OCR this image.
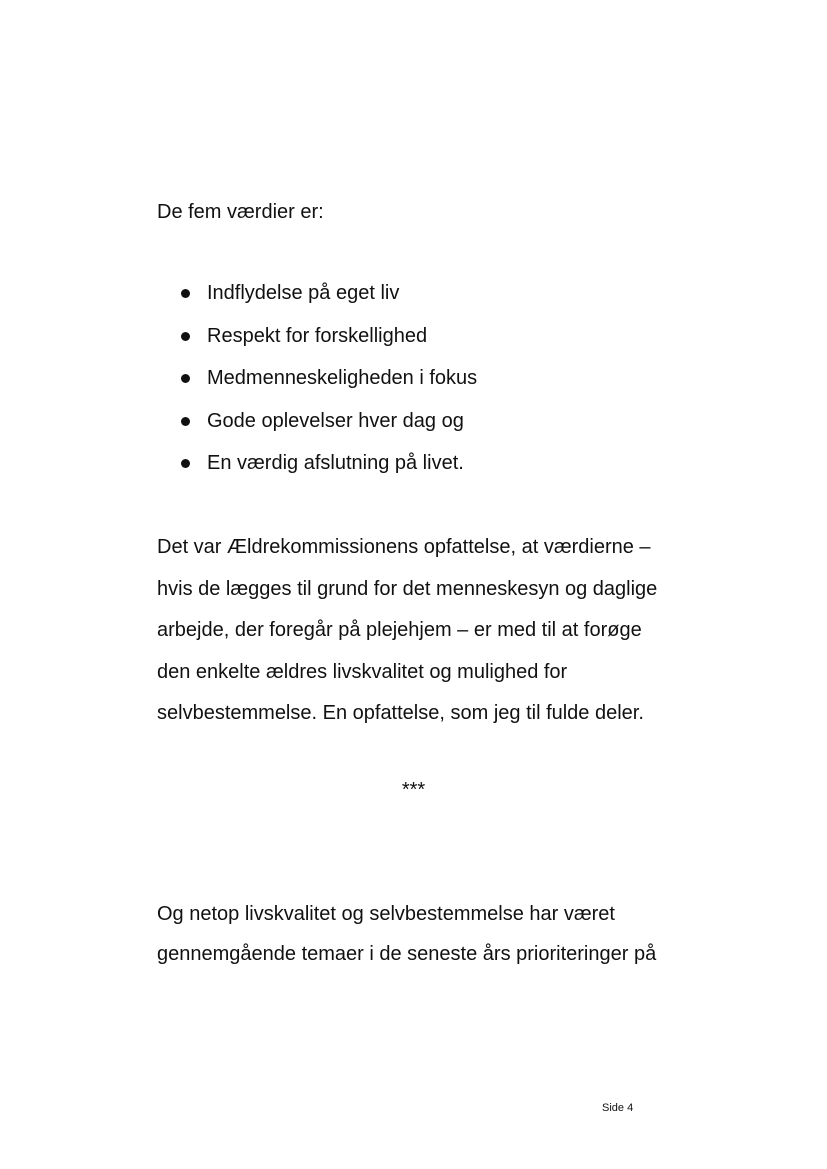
De fem værdier er:
Indflydelse på eget liv
Respekt for forskellighed
Medmenneskeligheden i fokus
Gode oplevelser hver dag og
En værdig afslutning på livet.
Det var Ældrekommissionens opfattelse, at værdierne –
hvis de lægges til grund for det menneskesyn og daglige
arbejde, der foregår på plejehjem – er med til at forøge
den enkelte ældres livskvalitet og mulighed for
selvbestemmelse. En opfattelse, som jeg til fulde deler.
***
Og netop livskvalitet og selvbestemmelse har været
gennemgående temaer i de seneste års prioriteringer på
Side 4
